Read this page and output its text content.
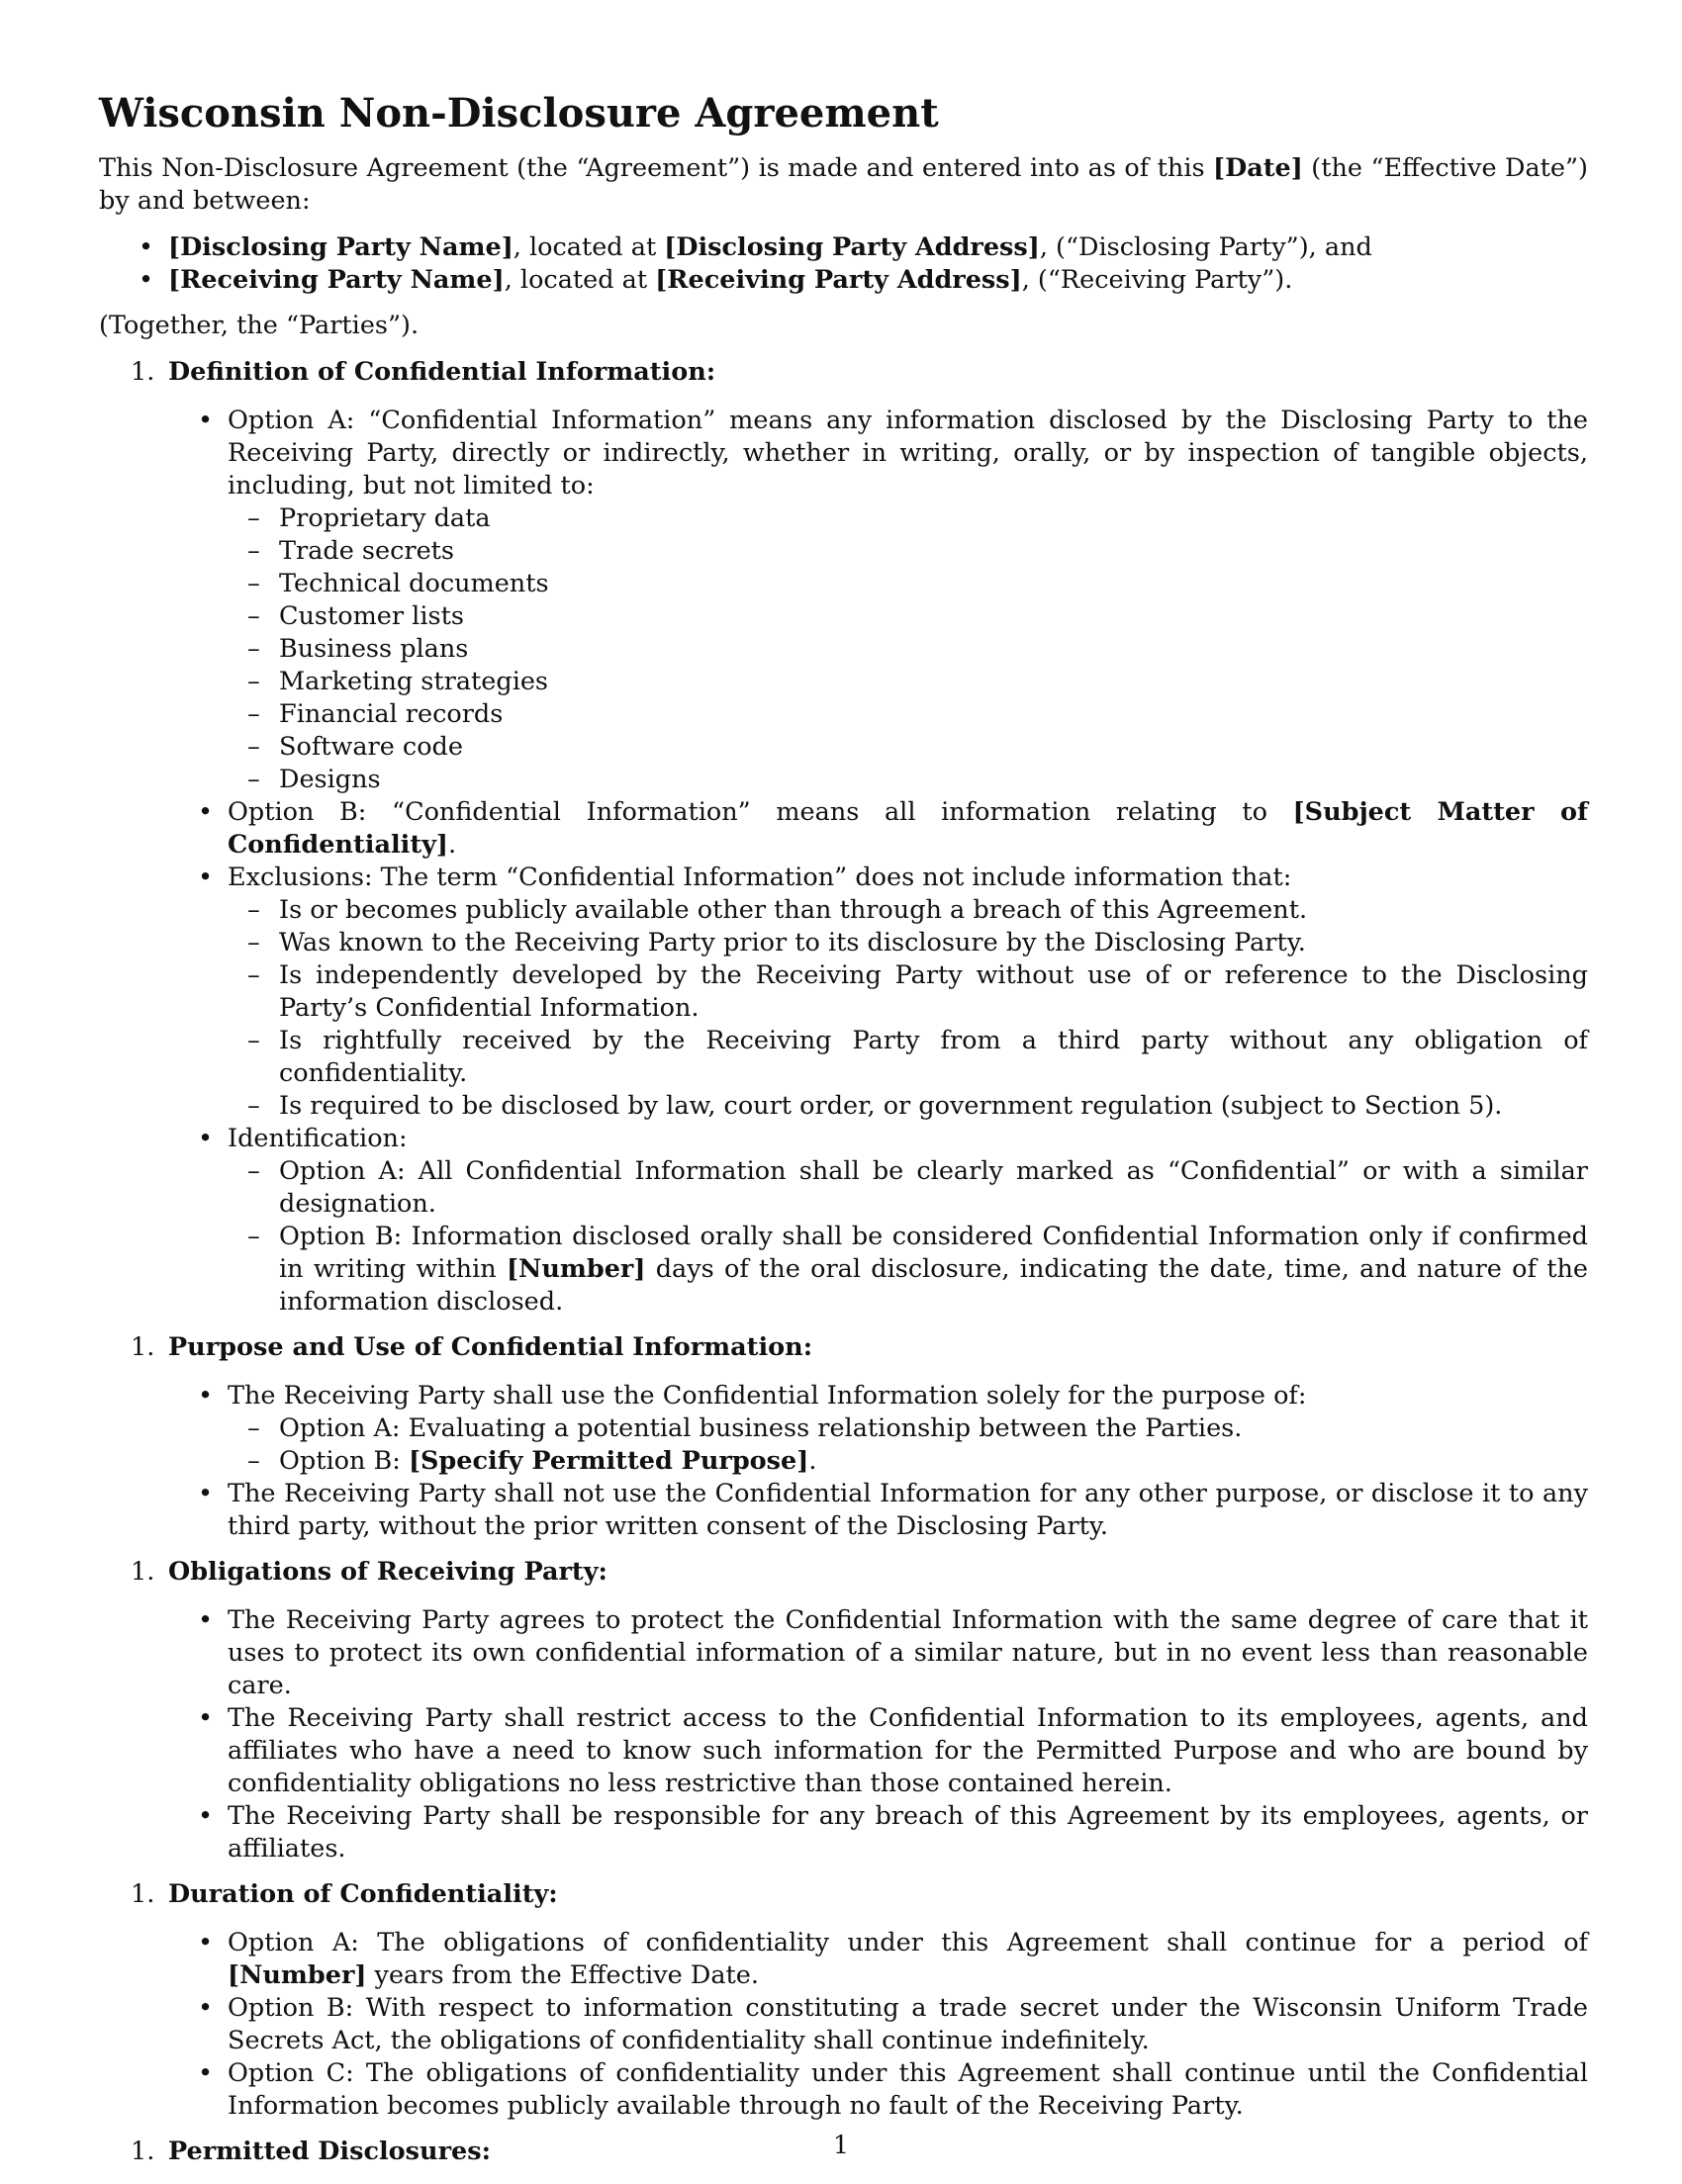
Wisconsin Non-Disclosure Agreement

This Non-Disclosure Agreement (the “Agreement”) is made and entered into as of this [Date] (the “Effective Date”) by and between:

• [Disclosing Party Name], located at [Disclosing Party Address], (“Disclosing Party”), and
• [Receiving Party Name], located at [Receiving Party Address], (“Receiving Party”).

(Together, the “Parties”).

1. Definition of Confidential Information:
• Option A: “Confidential Information” means any information disclosed by the Disclosing Party to the Receiving Party, directly or indirectly, whether in writing, orally, or by inspection of tangible objects, including, but not limited to:
– Proprietary data
– Trade secrets
– Technical documents
– Customer lists
– Business plans
– Marketing strategies
– Financial records
– Software code
– Designs
• Option B: “Confidential Information” means all information relating to [Subject Matter of Confidentiality].
• Exclusions: The term “Confidential Information” does not include information that:
– Is or becomes publicly available other than through a breach of this Agreement.
– Was known to the Receiving Party prior to its disclosure by the Disclosing Party.
– Is independently developed by the Receiving Party without use of or reference to the Disclosing Party’s Confidential Information.
– Is rightfully received by the Receiving Party from a third party without any obligation of confidentiality.
– Is required to be disclosed by law, court order, or government regulation (subject to Section 5).
• Identification:
– Option A: All Confidential Information shall be clearly marked as “Confidential” or with a similar designation.
– Option B: Information disclosed orally shall be considered Confidential Information only if confirmed in writing within [Number] days of the oral disclosure, indicating the date, time, and nature of the information disclosed.
1. Purpose and Use of Confidential Information:
• The Receiving Party shall use the Confidential Information solely for the purpose of:
– Option A: Evaluating a potential business relationship between the Parties.
– Option B: [Specify Permitted Purpose].
• The Receiving Party shall not use the Confidential Information for any other purpose, or disclose it to any third party, without the prior written consent of the Disclosing Party.
1. Obligations of Receiving Party:
• The Receiving Party agrees to protect the Confidential Information with the same degree of care that it uses to protect its own confidential information of a similar nature, but in no event less than reasonable care.
• The Receiving Party shall restrict access to the Confidential Information to its employees, agents, and affiliates who have a need to know such information for the Permitted Purpose and who are bound by confidentiality obligations no less restrictive than those contained herein.
• The Receiving Party shall be responsible for any breach of this Agreement by its employees, agents, or affiliates.
1. Duration of Confidentiality:
• Option A: The obligations of confidentiality under this Agreement shall continue for a period of [Number] years from the Effective Date.
• Option B: With respect to information constituting a trade secret under the Wisconsin Uniform Trade Secrets Act, the obligations of confidentiality shall continue indefinitely.
• Option C: The obligations of confidentiality under this Agreement shall continue until the Confidential Information becomes publicly available through no fault of the Receiving Party.
1. Permitted Disclosures:	1
